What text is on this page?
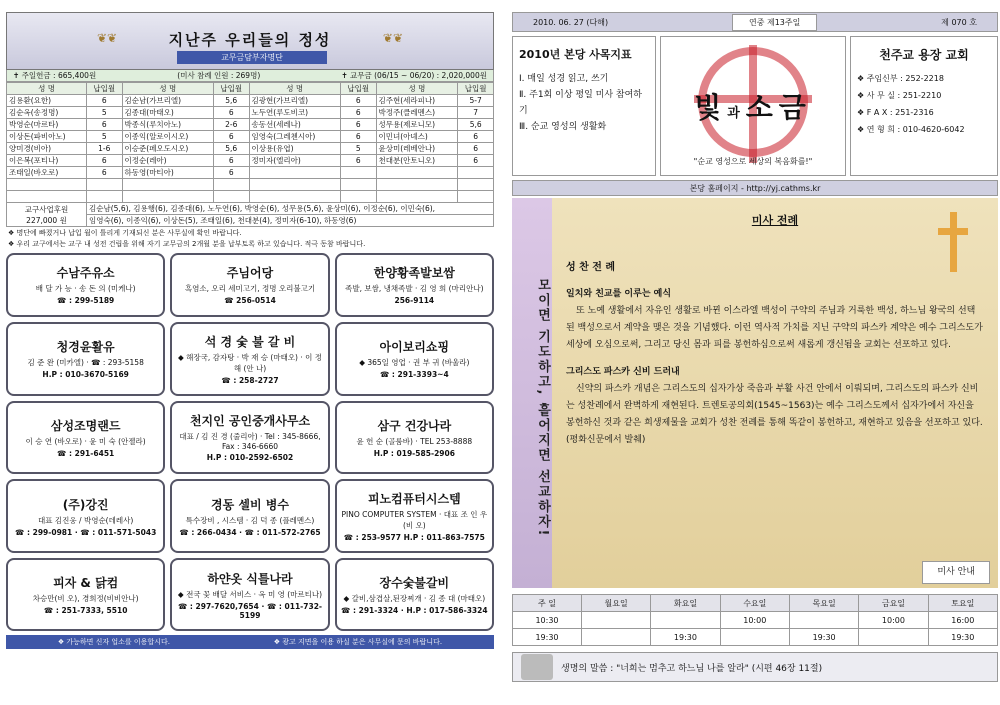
❦❦	지난주 우리들의 정성	❦❦
교무금담부자명단
✝ 주일헌금 : 665,400원	(미사 참례 인원 : 269명)	✝ 교무금 (06/15 ~ 06/20) : 2,020,000원
성 명	납입월	성 명	납입월	성 명	납입월	성 명	납입월
김용환(요한)	6	김순남(가브리엘)	5,6	김광현(가브리엘)	6	김주현(세라피나)	5-7
김순옥(송정명)	5	김종대(마태오)	6	노두연(루도비코)	6	박정주(클레멘스)	7
박영순(마르타)	6	박종식(루치아노)	2-6	송동선(세레나)	6	성무용(제로니모)	5,6
이상돈(파비아노)	5	이종익(알로이시오)	6	임영숙(그레첸시아)	6	이민녀(아녜스)	6
양미경(비아)	1-6	이승준(페오도시오)	5,6	이상용(유엽)	5	윤상미(레베안나)	6
이은복(포티나)	6	이정순(레아)	6	정미자(엘리아)	6	천대분(안토니오)	6
조태일(바오로)	6	하동영(마티아)	6				

교구사업후원
227,000 원	김순남(5,6), 김용행(6), 김종대(6), 노두연(6), 박영순(6), 성무용(5,6), 윤상미(6), 이정순(6), 이민숙(6),						
	임영숙(6), 이종익(6), 이상돈(5), 조태일(6), 천대분(4), 정미자(6-10), 하동영(6)						
❖ 명단에 빠졌거나 납입 월이 틀리게 기재되신 분은 사무실에 확인 바랍니다.
❖ 우리 교구에서는 교구 내 성전 건립을 위해 자기 교무금의 2개월 분을 납부토록 하고 있습니다. 적극 동참 바랍니다.
수남주유소
배 달 가 능 · 송 돈 의 (미케나)
☎ : 299-5189
주님어당
흑염소, 오리 세미고기, 정명 오리불고기
☎ 256-0514
한양황족발보쌈
족발, 보쌈, 냉채족발 · 김 영 희 (마리안나)
256-9114
청경윤활유
김 준 완 (미카엘) · ☎ : 293-5158
H.P : 010-3670-5169
석 경 숯 불 갈 비
◆ 해장국, 감자탕 · 박 재 승 (마태오) · 이 정 해 (안 나)
☎ : 258-2727
아이보리쇼핑
◆ 365일 영업 · 권 부 귀 (바울라)
☎ : 291-3393~4
삼성조명랜드
이 승 연 (바오로) · 윤 미 숙 (안젤라)
☎ : 291-6451
천지인 공인중개사무소
대표 / 김 진 경 (줄리아) · Tel : 345-8666, Fax : 346-6660
H.P : 010-2592-6502
삼구 건강나라
윤 헌 순 (골룸바) · TEL 253-8888
H.P : 019-585-2906
(주)강진
대표 김진웅 / 박영순(데레사)
☎ : 299-0981 · ☎ : 011-571-5043
경동 셀비 병수
특수장비 , 시스템 · 김 덕 종 (플레멘스)
☎ : 266-0434 · ☎ : 011-572-2765
피노컴퓨터시스템
PINO COMPUTER SYSTEM · 대표 조 인 우 (비 오)
☎ : 253-9577 H.P : 011-863-7575
피자 & 닭컴
차승만(비 오), 경희정(비비안나)
☎ : 251-7333, 5510
하얀옷 식틀나라
◆ 전국 꽃 배달 서비스 · 옥 미 영 (마르티나)
☎ : 297-7620,7654 · ☎ : 011-732-5199
장수숯불갈비
◆ 갈비,삼겹살,된장찌개 · 김 종 대 (마태오)
☎ : 291-3324 · H.P : 017-586-3324
❖ 가능하면 신자 업소를 이용합시다.	❖ 광고 지면을 이용 하실 분은 사무실에 문의 바랍니다.
2010. 06. 27 (다해)	연중 제13주일	제 070 호
2010년 본당 사목지표
Ⅰ. 매일 성경 읽고, 쓰기
Ⅱ. 주1회 이상 평일 미사 참여하기
Ⅲ. 순교 영성의 생활화
빛과소금
"순교 영성으로 세상의 복음화를!"
천주교 용장 교회
❖ 주임신부 : 252-2218
❖ 사 무 실 : 251-2210
❖ F A X : 251-2316
❖ 연 형 희 : 010-4620-6042
본당 홈페이지 - http://yj.cathms.kr
모이면 기도하고, 흩어지면 선교하자!
미사 전례
성 찬 전 례
일치와 친교를 이루는 예식

또 노예 생활에서 자유인 생활로 바뀐 이스라엘 백성이 구약의 주님과 거룩한 백성, 하느님 왕국의 선택된 백성으로서 계약을 맺은 것을 기념했다. 이런 역사적 가치를 지닌 구약의 파스카 계약은 예수 그리스도가 세상에 오심으로써, 그리고 당신 몸과 피를 봉헌하심으로써 새롭게 갱신됨을 교회는 선포하고 있다.

그리스도 파스카 신비 드러내

신약의 파스카 개념은 그리스도의 십자가상 죽음과 부활 사건 안에서 이뤄되며, 그리스도의 파스카 신비는 성찬례에서 완벽하게 재현된다. 트렌토공의회(1545~1563)는 예수 그리스도께서 십자가에서 자신을 봉헌하신 것과 같은 희생제물을 교회가 성찬 전례를 통해 똑같이 봉헌하고, 재현하고 있음을 선포하고 있다.(평화신문에서 발췌)

미사 안내
주 일	월요일	화요일	수요일	목요일	금요일	토요일
10:30			10:00		10:00	16:00
19:30		19:30		19:30		19:30
생명의 말씀 : "너희는 멈추고 하느님 나를 알라" (시편 46장 11절)
